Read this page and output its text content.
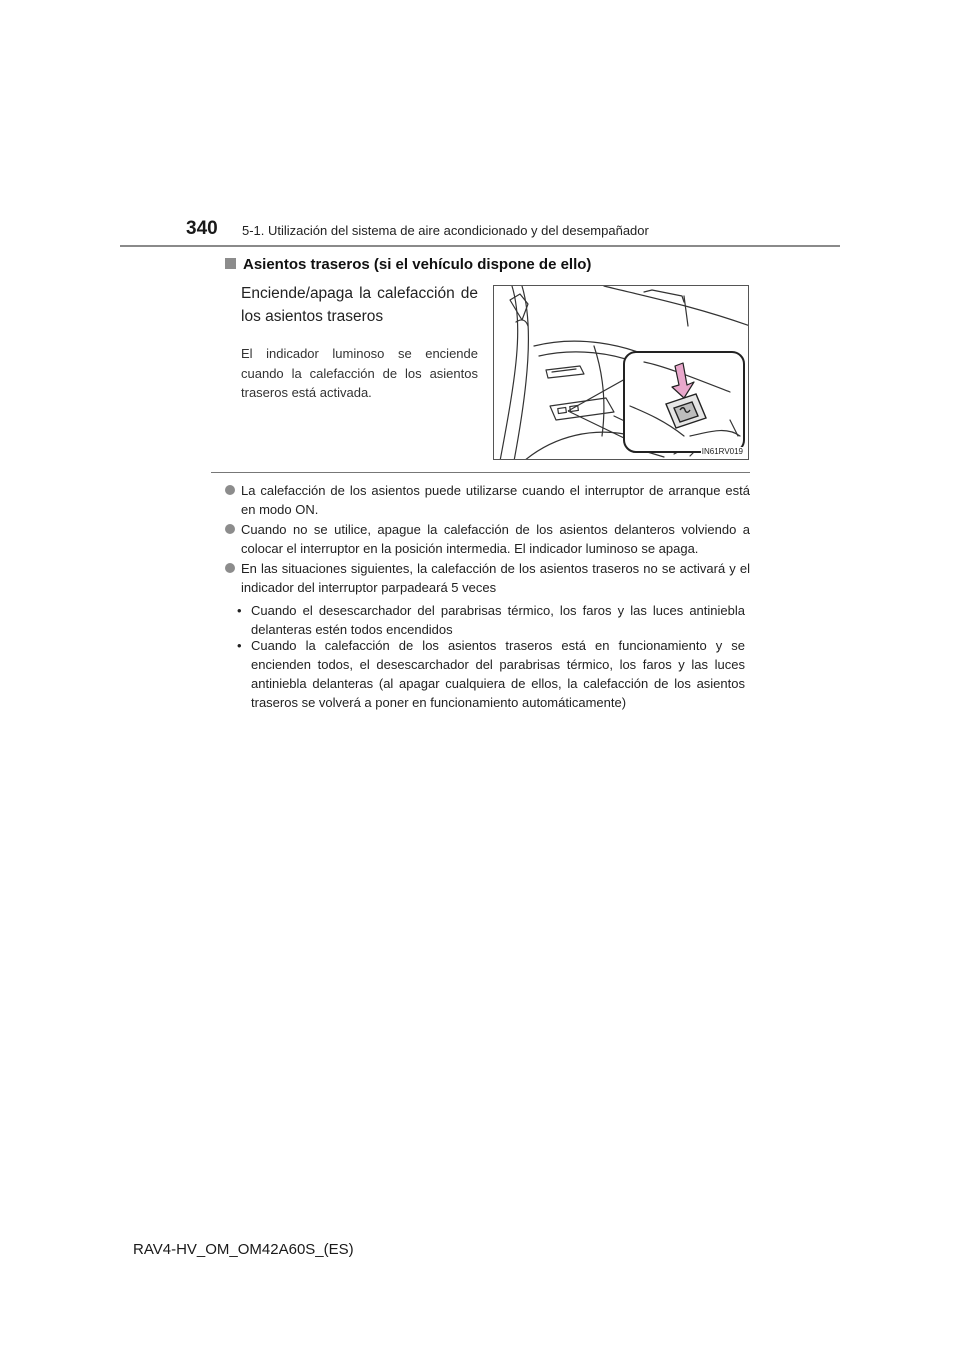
340 5-1. Utilización del sistema de aire acondicionado y del desempañador
Asientos traseros (si el vehículo dispone de ello)
Enciende/apaga la calefacción de los asientos traseros
El indicador luminoso se enciende cuando la calefacción de los asientos traseros está activada.
IN61RV019
La calefacción de los asientos puede utilizarse cuando el interruptor de arranque está en modo ON.
Cuando no se utilice, apague la calefacción de los asientos delanteros volviendo a colocar el interruptor en la posición intermedia. El indicador luminoso se apaga.
En las situaciones siguientes, la calefacción de los asientos traseros no se activará y el indicador del interruptor parpadeará 5 veces
• Cuando el desescarchador del parabrisas térmico, los faros y las luces antiniebla delanteras estén todos encendidos
• Cuando la calefacción de los asientos traseros está en funcionamiento y se encienden todos, el desescarchador del parabrisas térmico, los faros y las luces antiniebla delanteras (al apagar cualquiera de ellos, la calefacción de los asientos traseros se volverá a poner en funcionamiento automáticamente)
RAV4-HV_OM_OM42A60S_(ES)
